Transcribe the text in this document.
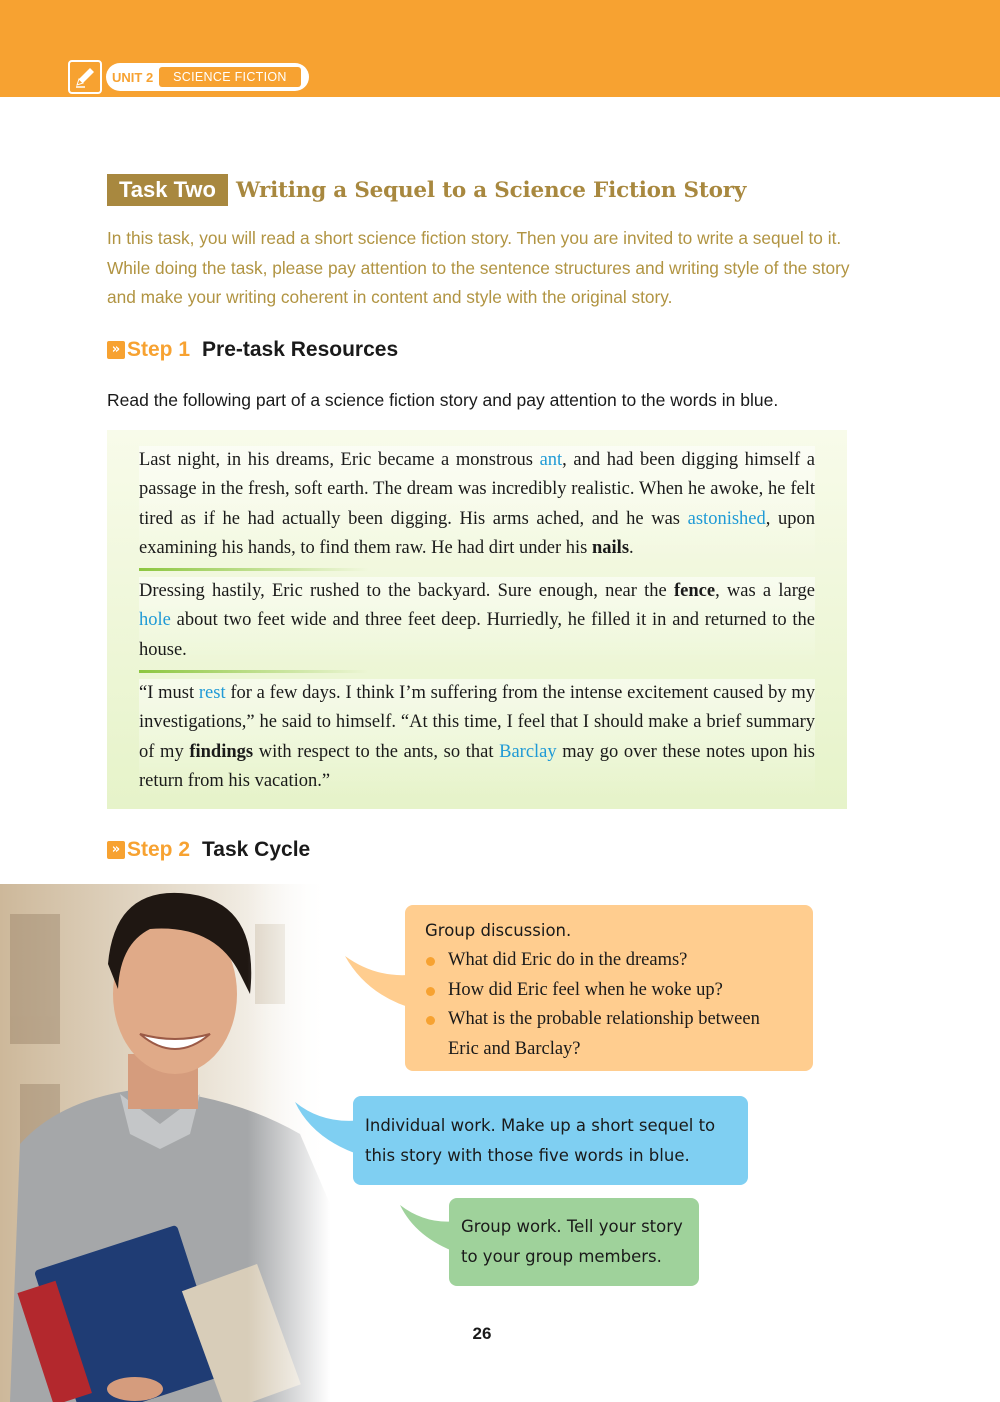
UNIT 2	SCIENCE FICTION
Task Two Writing a Sequel to a Science Fiction Story

In this task, you will read a short science fiction story. Then you are invited to write a sequel to it. While doing the task, please pay attention to the sentence structures and writing style of the story and make your writing coherent in content and style with the original story.

» Step 1 Pre-task Resources

Read the following part of a science fiction story and pay attention to the words in blue.

Last night, in his dreams, Eric became a monstrous ant, and had been digging himself a passage in the fresh, soft earth. The dream was incredibly realistic. When he awoke, he felt tired as if he had actually been digging. His arms ached, and he was astonished, upon examining his hands, to find them raw. He had dirt under his nails.

Dressing hastily, Eric rushed to the backyard. Sure enough, near the fence, was a large hole about two feet wide and three feet deep. Hurriedly, he filled it in and returned to the house.

“I must rest for a few days. I think I’m suffering from the intense excitement caused by my investigations,” he said to himself. “At this time, I feel that I should make a brief summary of my findings with respect to the ants, so that Barclay may go over these notes upon his return from his vacation.”

» Step 2 Task Cycle
Group discussion.
What did Eric do in the dreams?
How did Eric feel when he woke up?
What is the probable relationship between Eric and Barclay?
Individual work. Make up a short sequel to this story with those five words in blue.
Group work. Tell your story to your group members.
26
